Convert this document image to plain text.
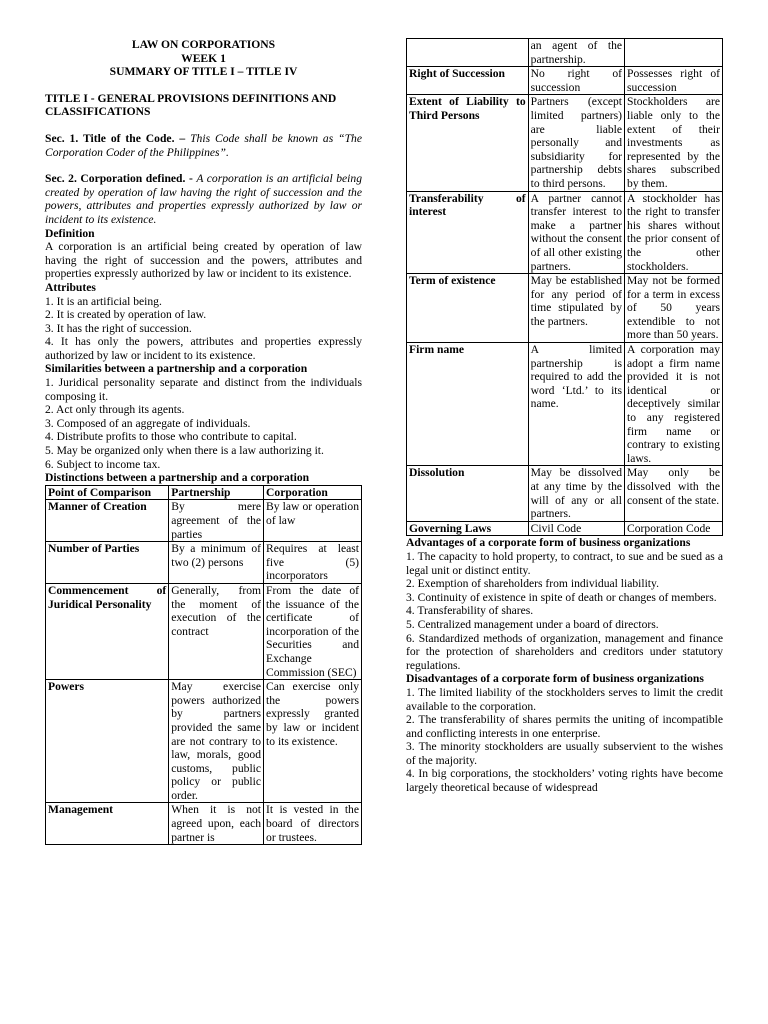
LAW ON CORPORATIONS

WEEK 1

SUMMARY OF TITLE I – TITLE IV

TITLE I - GENERAL PROVISIONS DEFINITIONS AND CLASSIFICATIONS

Sec. 1. Title of the Code. – This Code shall be known as “The Corporation Coder of the Philippines”.

Sec. 2. Corporation defined. - A corporation is an artificial being created by operation of law having the right of succession and the powers, attributes and properties expressly authorized by law or incident to its existence.

Definition

A corporation is an artificial being created by operation of law having the right of succession and the powers, attributes and properties expressly authorized by law or incident to its existence.

Attributes

1. It is an artificial being.

2. It is created by operation of law.

3. It has the right of succession.

4. It has only the powers, attributes and properties expressly authorized by law or incident to its existence.

Similarities between a partnership and a corporation

1. Juridical personality separate and distinct from the individuals composing it.

2. Act only through its agents.

3. Composed of an aggregate of individuals.

4. Distribute profits to those who contribute to capital.

5. May be organized only when there is a law authorizing it.

6. Subject to income tax.

Distinctions between a partnership and a corporation

Point of Comparison	Partnership	Corporation
Manner of Creation	By mere agreement of the parties	By law or operation of law
Number of Parties	By a minimum of two (2) persons	Requires at least five (5) incorporators
Commencement of Juridical Personality	Generally, from the moment of execution of the contract	From the date of the issuance of the certificate of incorporation of the Securities and Exchange Commission (SEC)
Powers	May exercise powers authorized by partners provided the same are not contrary to law, morals, good customs, public policy or public order.	Can exercise only the powers expressly granted by law or incident to its existence.
Management	When it is not agreed upon, each partner is	It is vested in the board of directors or trustees.
	an agent of the partnership.	
Right of Succession	No right of succession	Possesses right of succession
Extent of Liability to Third Persons	Partners (except limited partners) are liable personally and subsidiarity for partnership debts to third persons.	Stockholders are liable only to the extent of their investments as represented by the shares subscribed by them.
Transferability of interest	A partner cannot transfer interest to make a partner without the consent of all other existing partners.	A stockholder has the right to transfer his shares without the prior consent of the other stockholders.
Term of existence	May be established for any period of time stipulated by the partners.	May not be formed for a term in excess of 50 years extendible to not more than 50 years.
Firm name	A limited partnership is required to add the word ‘Ltd.’ to its name.	A corporation may adopt a firm name provided it is not identical or deceptively similar to any registered firm name or contrary to existing laws.
Dissolution	May be dissolved at any time by the will of any or all partners.	May only be dissolved with the consent of the state.
Governing Laws	Civil Code	Corporation Code

Advantages of a corporate form of business organizations

1. The capacity to hold property, to contract, to sue and be sued as a legal unit or distinct entity.

2. Exemption of shareholders from individual liability.

3. Continuity of existence in spite of death or changes of members.

4. Transferability of shares.

5. Centralized management under a board of directors.

6. Standardized methods of organization, management and finance for the protection of shareholders and creditors under statutory regulations.

Disadvantages of a corporate form of business organizations

1. The limited liability of the stockholders serves to limit the credit available to the corporation.

2. The transferability of shares permits the uniting of incompatible and conflicting interests in one enterprise.

3. The minority stockholders are usually subservient to the wishes of the majority.

4. In big corporations, the stockholders’ voting rights have become largely theoretical because of widespread
